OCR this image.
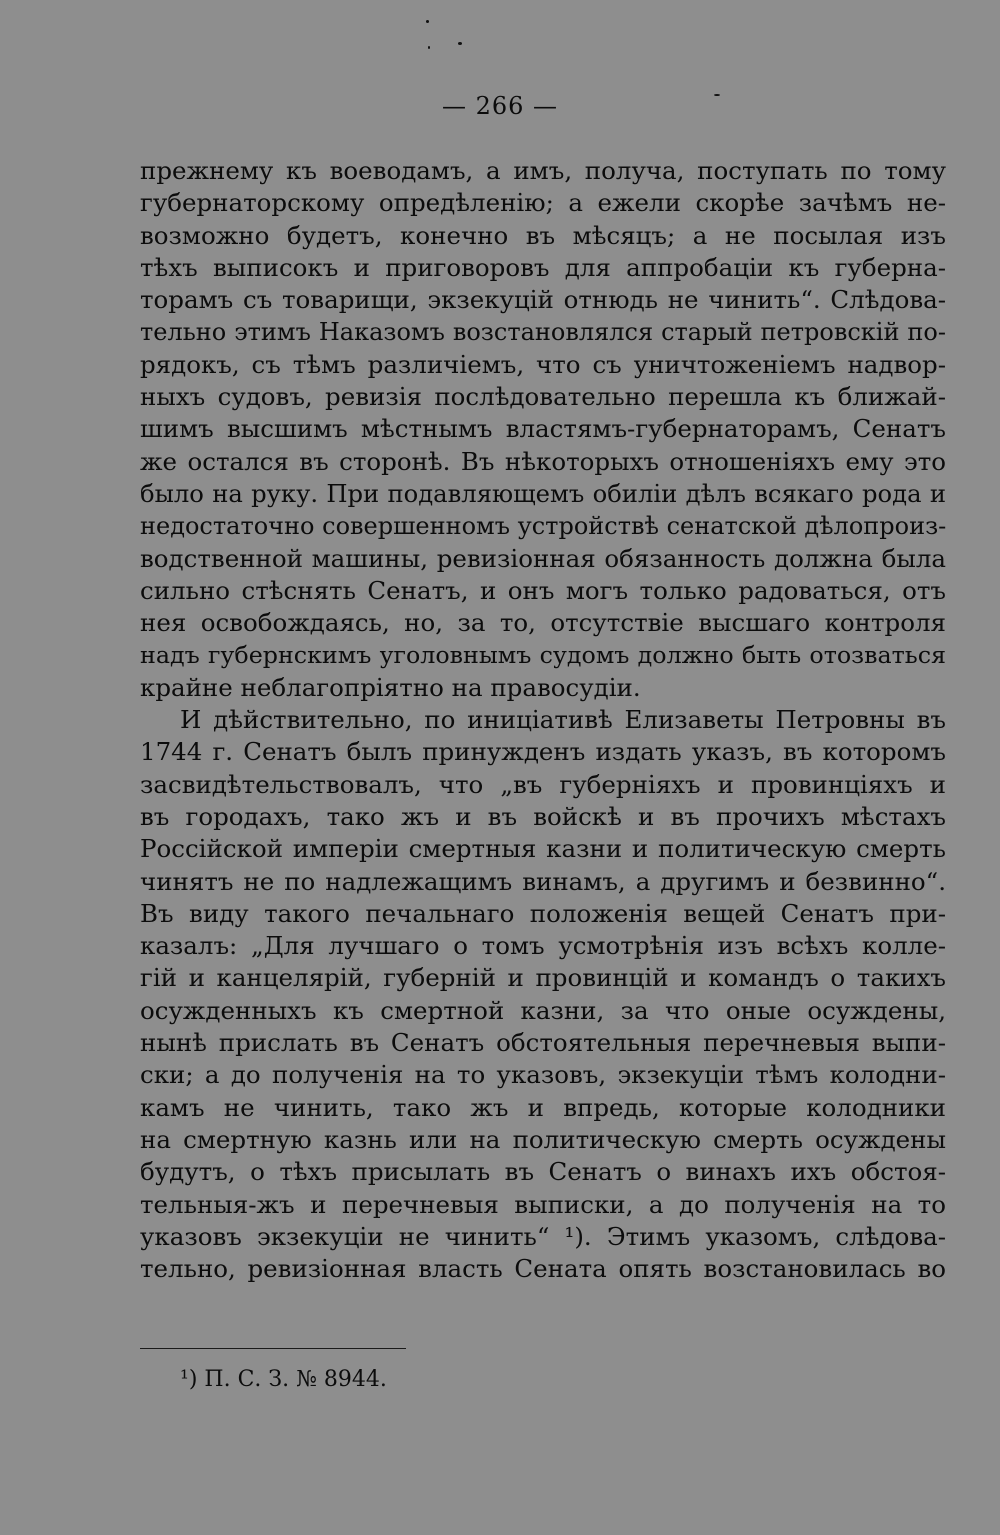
— 266 —
прежнему къ воеводамъ, а имъ, получа, поступать по тому
губернаторскому опредѣленію; а ежели скорѣе зачѣмъ не-
возможно будетъ, конечно въ мѣсяцъ; а не посылая изъ
тѣхъ выписокъ и приговоровъ для аппробаціи къ губерна-
торамъ съ товарищи, экзекуцій отнюдь не чинить“. Слѣдова-
тельно этимъ Наказомъ возстановлялся старый петровскій по-
рядокъ, съ тѣмъ различіемъ, что съ уничтоженіемъ надвор-
ныхъ судовъ, ревизія послѣдовательно перешла къ ближай-
шимъ высшимъ мѣстнымъ властямъ-губернаторамъ, Сенатъ
же остался въ сторонѣ. Въ нѣкоторыхъ отношеніяхъ ему это
было на руку. При подавляющемъ обиліи дѣлъ всякаго рода и
недостаточно совершенномъ устройствѣ сенатской дѣлопроиз-
водственной машины, ревизіонная обязанность должна была
сильно стѣснять Сенатъ, и онъ могъ только радоваться, отъ
нея освобождаясь, но, за то, отсутствіе высшаго контроля
надъ губернскимъ уголовнымъ судомъ должно быть отозваться
крайне неблагопріятно на правосудіи.
И дѣйствительно, по иниціативѣ Елизаветы Петровны въ
1744 г. Сенатъ былъ принужденъ издать указъ, въ которомъ
засвидѣтельствовалъ, что „въ губерніяхъ и провинціяхъ и
въ городахъ, тако жъ и въ войскѣ и въ прочихъ мѣстахъ
Россійской имперіи смертныя казни и политическую смерть
чинятъ не по надлежащимъ винамъ, а другимъ и безвинно“.
Въ виду такого печальнаго положенія вещей Сенатъ при-
казалъ: „Для лучшаго о томъ усмотрѣнія изъ всѣхъ колле-
гій и канцелярій, губерній и провинцій и командъ о такихъ
осужденныхъ къ смертной казни, за что оные осуждены,
нынѣ прислать въ Сенатъ обстоятельныя перечневыя выпи-
ски; а до полученія на то указовъ, экзекуціи тѣмъ колодни-
камъ не чинить, тако жъ и впредь, которые колодники
на смертную казнь или на политическую смерть осуждены
будутъ, о тѣхъ присылать въ Сенатъ о винахъ ихъ обстоя-
тельныя-жъ и перечневыя выписки, а до полученія на то
указовъ экзекуціи не чинить“ ¹). Этимъ указомъ, слѣдова-
тельно, ревизіонная власть Сената опять возстановилась во
¹) П. С. З. № 8944.
